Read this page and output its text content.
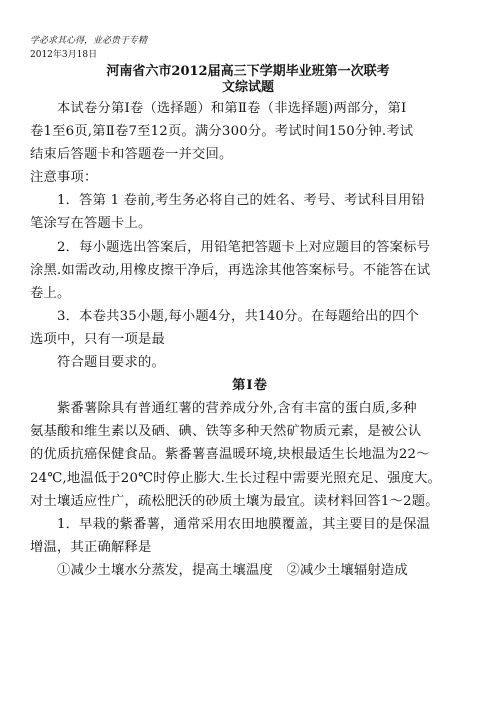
学必求其心得，业必贵于专精
2012年3月18日
河南省六市2012届高三下学期毕业班第一次联考
文综试题
本试卷分第Ⅰ卷（选择题）和第Ⅱ卷（非选择题)两部分，第Ⅰ
卷1至6页,第Ⅱ卷7至12页。满分300分。考试时间150分钟.考试
结束后答题卡和答题卷一并交回。
注意事项：
1．答第 1 卷前,考生务必将自己的姓名、考号、考试科目用铅
笔涂写在答题卡上。
2．每小题选出答案后，用铅笔把答题卡上对应题目的答案标号
涂黑.如需改动,用橡皮擦干净后，再选涂其他答案标号。不能答在试
卷上。
3．本卷共35小题,每小题4分，共140分。在每题给出的四个
选项中，只有一项是最
符合题目要求的。
第Ⅰ卷
紫番薯除具有普通红薯的营养成分外,含有丰富的蛋白质,多种
氨基酸和维生素以及硒、碘、铁等多种天然矿物质元素，是被公认
的优质抗癌保健食品。紫番薯喜温暖环境,块根最适生长地温为22～
24℃,地温低于20℃时停止膨大.生长过程中需要光照充足、强度大。
对土壤适应性广，疏松肥沃的砂质土壤为最宜。读材料回答1～2题。
1．早栽的紫番薯，通常采用农田地膜覆盖，其主要目的是保温
增温，其正确解释是
①减少土壤水分蒸发，提高土壤温度　②减少土壤辐射造成
